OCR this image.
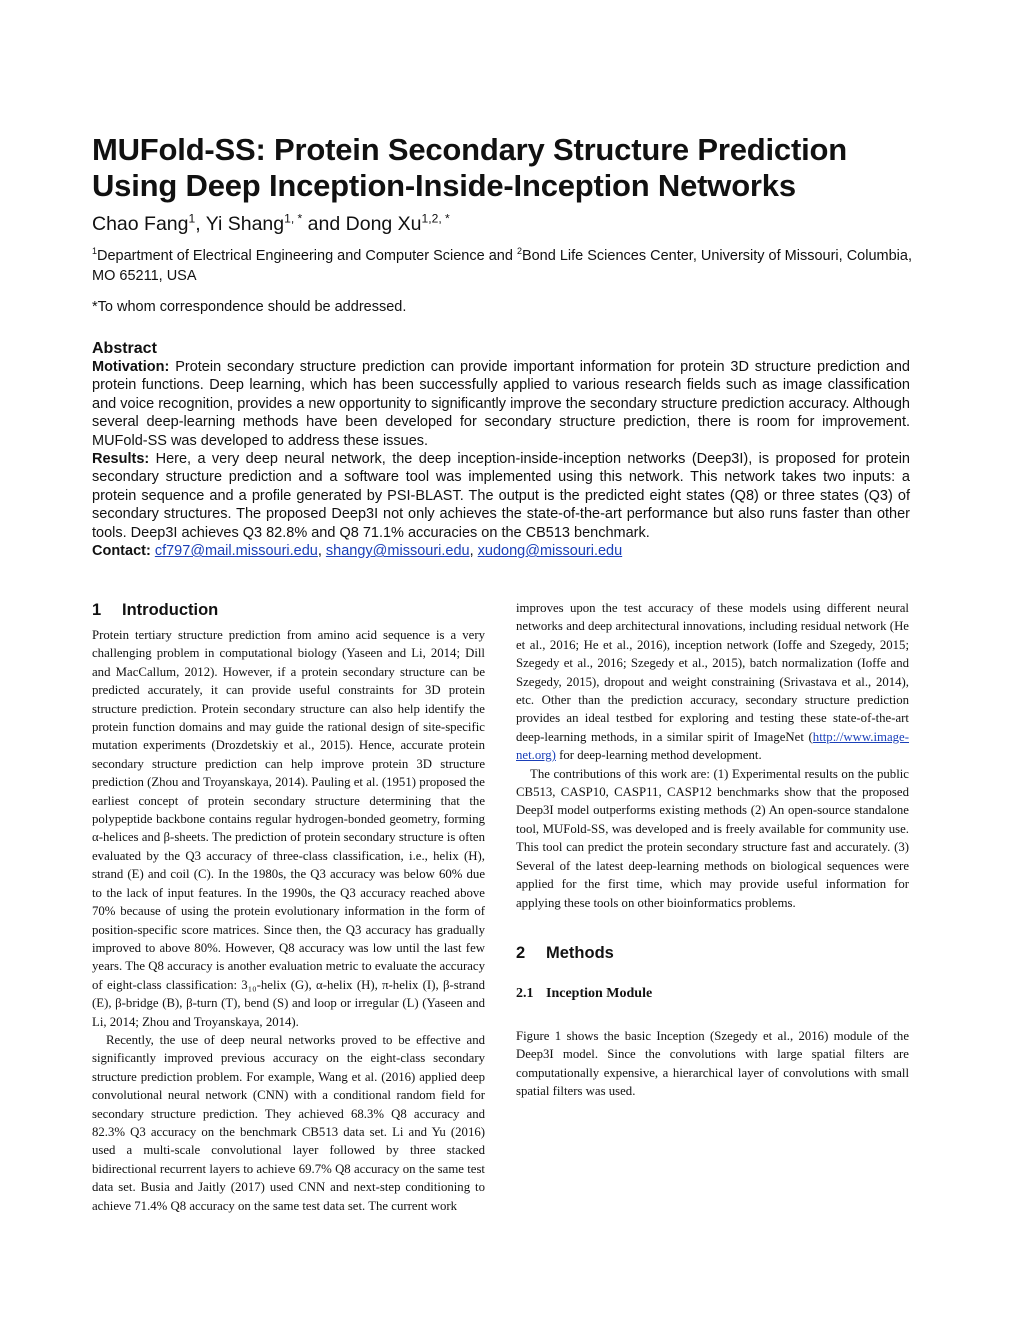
MUFold-SS: Protein Secondary Structure Prediction Using Deep Inception-Inside-Inception Networks
Chao Fang$^1$, Yi Shang$^{1, *}$ and Dong $Xu^{1,2, *}$
$^1$Department of Electrical Engineering and Computer Science and $^2$Bond Life Sciences Center, University of Missouri, Columbia, MO 65211, USA
*To whom correspondence should be addressed.
Abstract

Motivation: Protein secondary structure prediction can provide important information for protein 3D structure prediction and protein functions. Deep learning, which has been successfully applied to various research fields such as image classification and voice recognition, provides a new opportunity to significantly improve the secondary structure prediction accuracy. Although several deep-learning methods have been developed for secondary structure prediction, there is room for improvement. MUFold-SS was developed to address these issues.

Results: Here, a very deep neural network, the deep inception-inside-inception networks (Deep3I), is proposed for protein secondary structure prediction and a software tool was implemented using this network. This network takes two inputs: a protein sequence and a profile generated by PSI-BLAST. The output is the predicted eight states (Q8) or three states (Q3) of secondary structures. The proposed Deep3I not only achieves the state-of-the-art performance but also runs faster than other tools. Deep3I achieves Q3 82.8% and Q8 71.1% accuracies on the CB513 benchmark.

Contact: cf797@mail.missouri.edu, shangy@missouri.edu, xudong@missouri.edu

1 Introduction

Protein tertiary structure prediction from amino acid sequence is a very challenging problem in computational biology (Yaseen and Li, 2014; Dill and MacCallum, 2012). However, if a protein secondary structure can be predicted accurately, it can provide useful constraints for 3D protein structure prediction. Protein secondary structure can also help identify the protein function domains and may guide the rational design of site-specific mutation experiments (Drozdetskiy et al., 2015). Hence, accurate protein secondary structure prediction can help improve protein 3D structure prediction (Zhou and Troyanskaya, 2014). Pauling et al. (1951) proposed the earliest concept of protein secondary structure determining that the polypeptide backbone contains regular hydrogen-bonded geometry, forming α-helices and β-sheets. The prediction of protein secondary structure is often evaluated by the Q3 accuracy of three-class classification, i.e., helix (H), strand (E) and coil (C). In the 1980s, the Q3 accuracy was below 60% due to the lack of input features. In the 1990s, the Q3 accuracy reached above 70% because of using the protein evolutionary information in the form of position-specific score matrices. Since then, the Q3 accuracy has gradually improved to above 80%. However, Q8 accuracy was low until the last few years. The Q8 accuracy is another evaluation metric to evaluate the accuracy of eight-class classification: 3₁₀-helix (G), α-helix (H), π-helix (I), β-strand (E), β-bridge (B), β-turn (T), bend (S) and loop or irregular (L) (Yaseen and Li, 2014; Zhou and Troyanskaya, 2014).

Recently, the use of deep neural networks proved to be effective and significantly improved previous accuracy on the eight-class secondary structure prediction problem. For example, Wang et al. (2016) applied deep convolutional neural network (CNN) with a conditional random field for secondary structure prediction. They achieved 68.3% Q8 accuracy and 82.3% Q3 accuracy on the benchmark CB513 data set. Li and Yu (2016) used a multi-scale convolutional layer followed by three stacked bidirectional recurrent layers to achieve 69.7% Q8 accuracy on the same test data set. Busia and Jaitly (2017) used CNN and next-step conditioning to achieve 71.4% Q8 accuracy on the same test data set. The current work

improves upon the test accuracy of these models using different neural networks and deep architectural innovations, including residual network (He et al., 2016; He et al., 2016), inception network (Ioffe and Szegedy, 2015; Szegedy et al., 2016; Szegedy et al., 2015), batch normalization (Ioffe and Szegedy, 2015), dropout and weight constraining (Srivastava et al., 2014), etc. Other than the prediction accuracy, secondary structure prediction provides an ideal testbed for exploring and testing these state-of-the-art deep-learning methods, in a similar spirit of ImageNet (http://www.image-net.org) for deep-learning method development.

The contributions of this work are: (1) Experimental results on the public CB513, CASP10, CASP11, CASP12 benchmarks show that the proposed Deep3I model outperforms existing methods (2) An open-source standalone tool, MUFold-SS, was developed and is freely available for community use. This tool can predict the protein secondary structure fast and accurately. (3) Several of the latest deep-learning methods on biological sequences were applied for the first time, which may provide useful information for applying these tools on other bioinformatics problems.

2 Methods
2.1 Inception Module
Figure 1 shows the basic Inception (Szegedy et al., 2016) module of the Deep3I model. Since the convolutions with large spatial filters are computationally expensive, a hierarchical layer of convolutions with small spatial filters was used.
